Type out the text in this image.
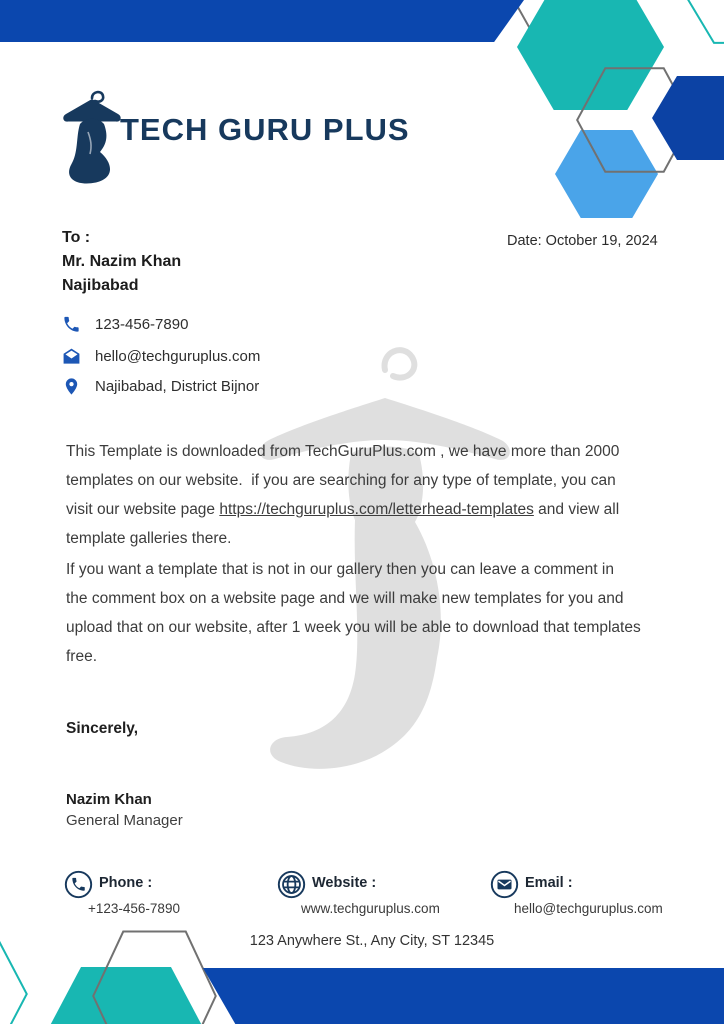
TECH GURU PLUS
To :
Mr. Nazim Khan
Najibabad
Date: October 19, 2024
123-456-7890
hello@techguruplus.com
Najibabad, District Bijnor
This Template is downloaded from TechGuruPlus.com , we have more than 2000
templates on our website.  if you are searching for any type of template, you can
visit our website page https://techguruplus.com/letterhead-templates and view all
template galleries there.
If you want a template that is not in our gallery then you can leave a comment in
the comment box on a website page and we will make new templates for you and
upload that on our website, after 1 week you will be able to download that templates
free.
Sincerely,
Nazim Khan
General Manager
Phone :
+123-456-7890
Website :
www.techguruplus.com
Email :
hello@techguruplus.com
123 Anywhere St., Any City, ST 12345
